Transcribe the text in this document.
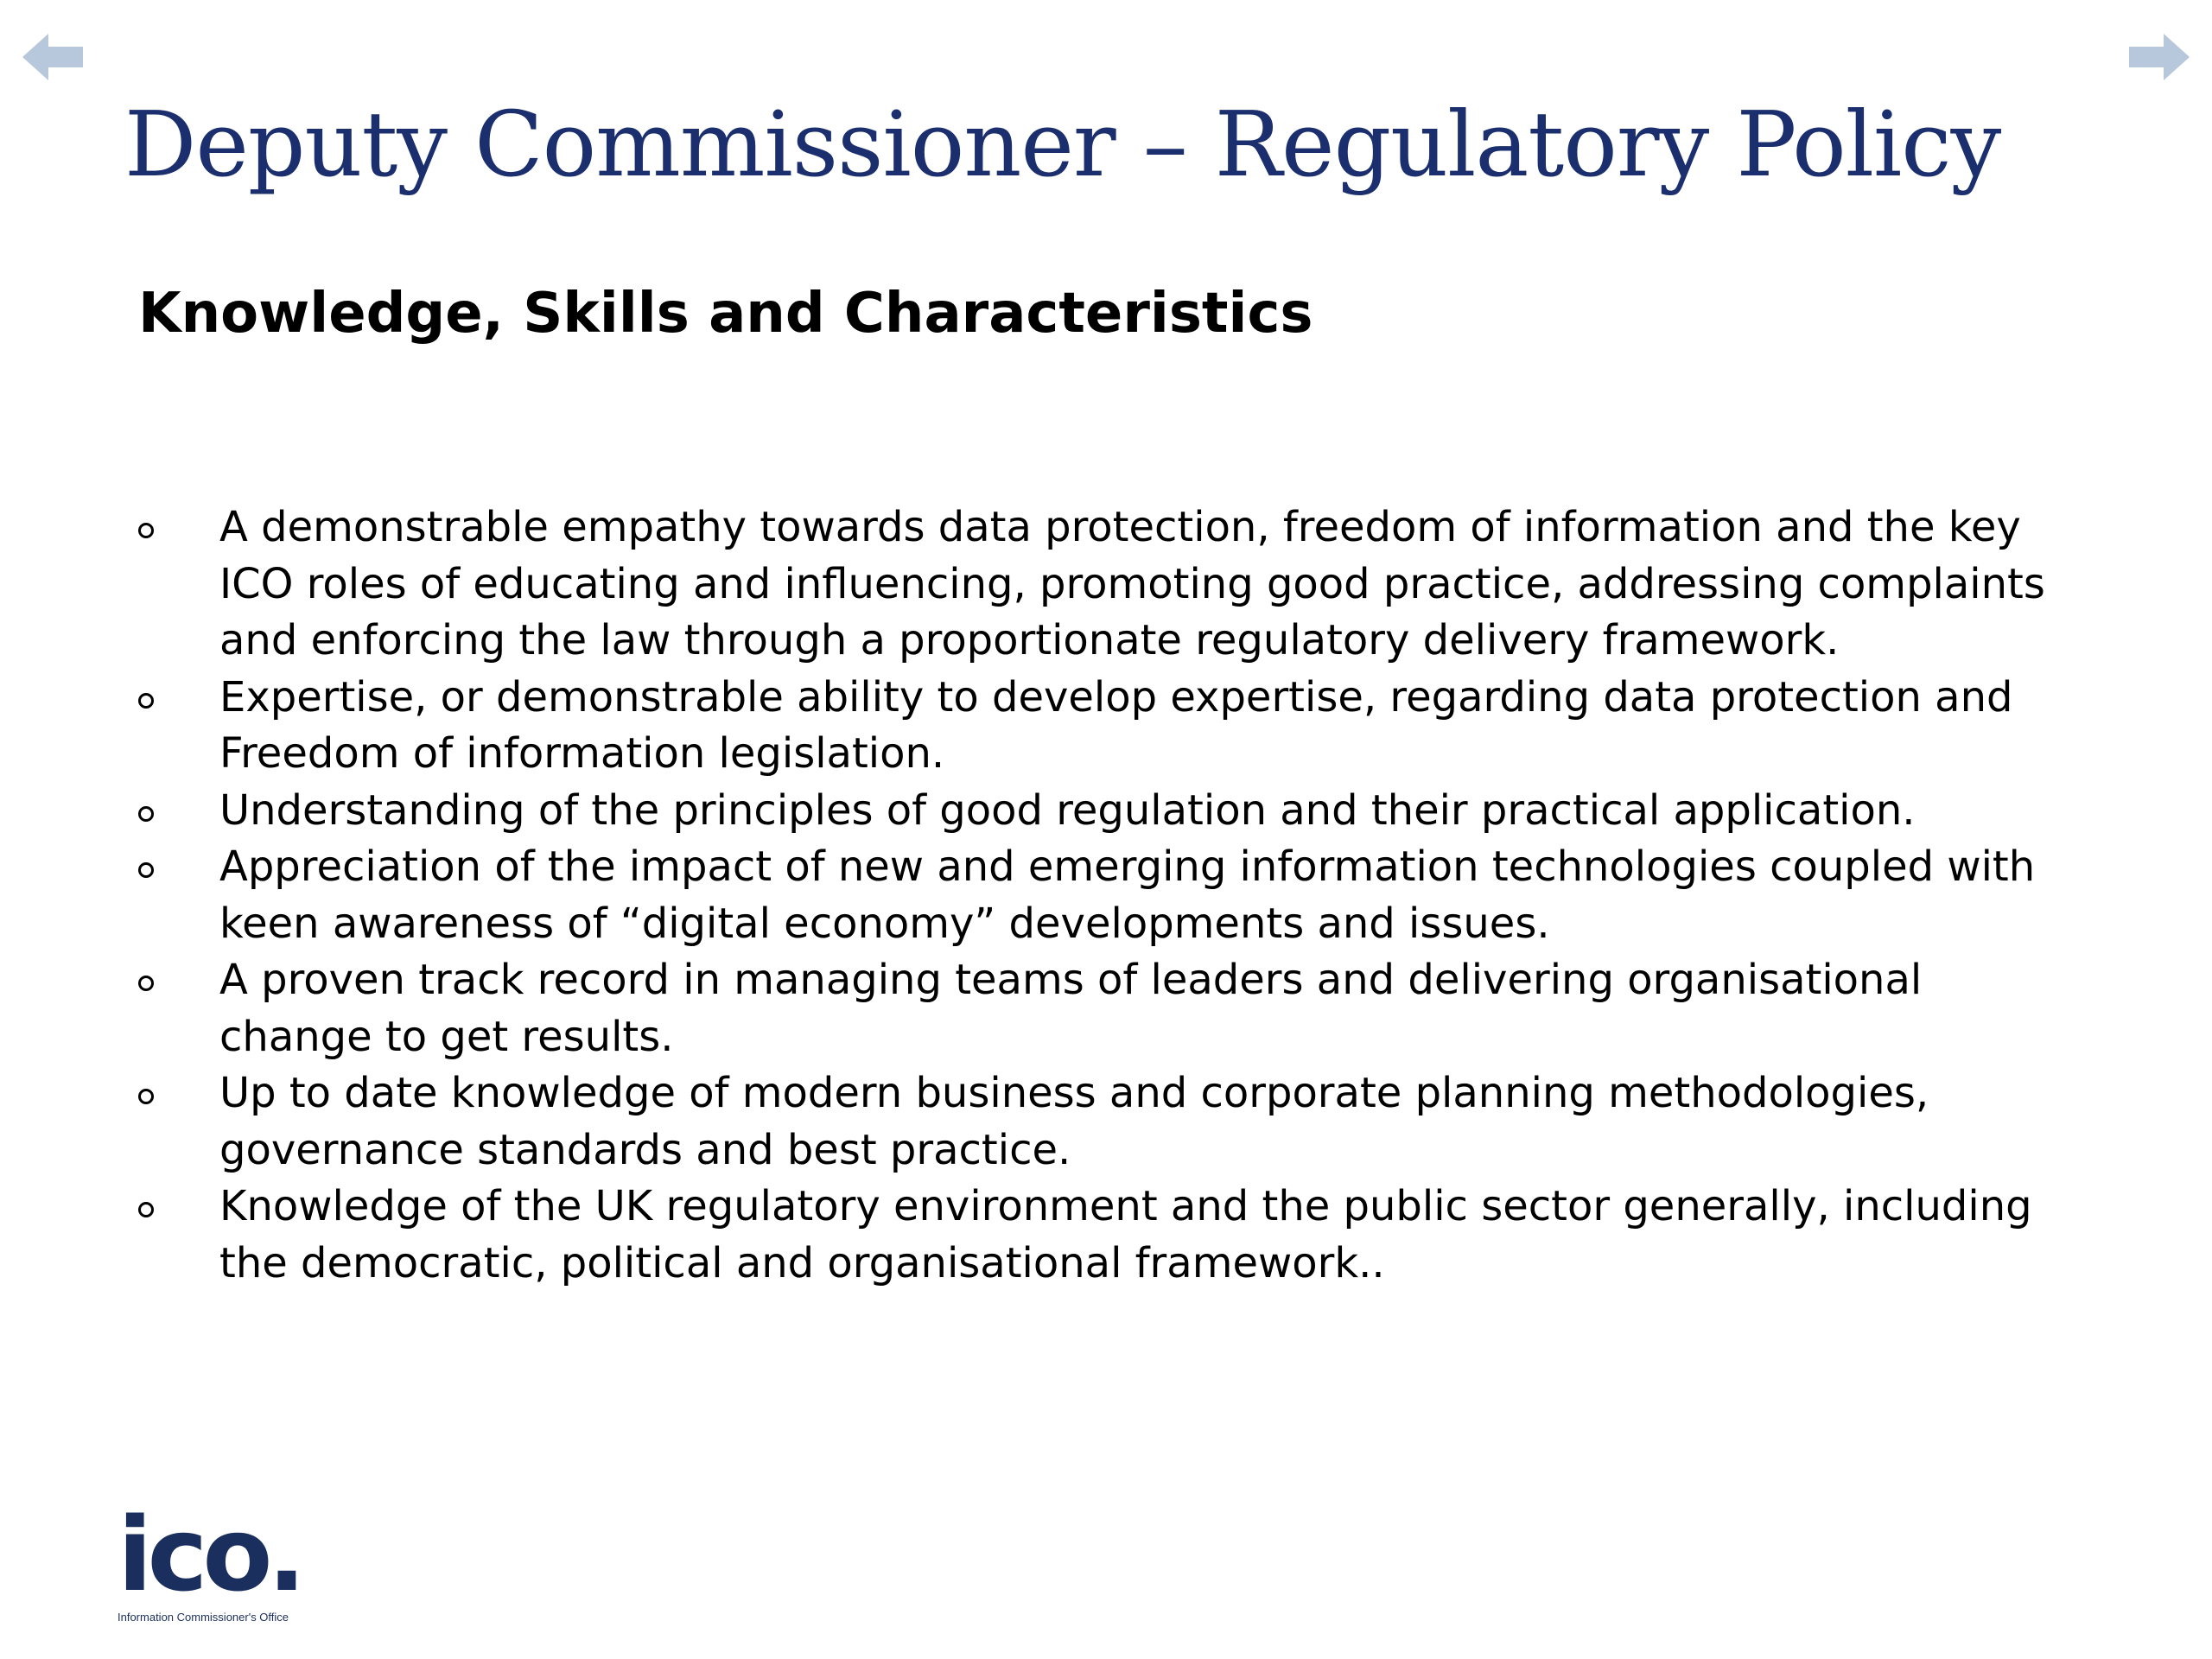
Deputy Commissioner – Regulatory Policy
Knowledge, Skills and Characteristics
A demonstrable empathy towards data protection, freedom of information and the key ICO roles of educating and influencing, promoting good practice, addressing complaints and enforcing the law through a proportionate regulatory delivery framework.
Expertise, or demonstrable ability to develop expertise, regarding data protection and Freedom of information legislation.
Understanding of the principles of good regulation and their practical application.
Appreciation of the impact of new and emerging information technologies coupled with keen awareness of “digital economy” developments and issues.
A proven track record in managing teams of leaders and delivering organisational change to get results.
Up to date knowledge of modern business and corporate planning methodologies, governance standards and best practice.
Knowledge of the UK regulatory environment and the public sector generally, including the democratic, political and organisational framework..
ico.
Information Commissioner's Office
